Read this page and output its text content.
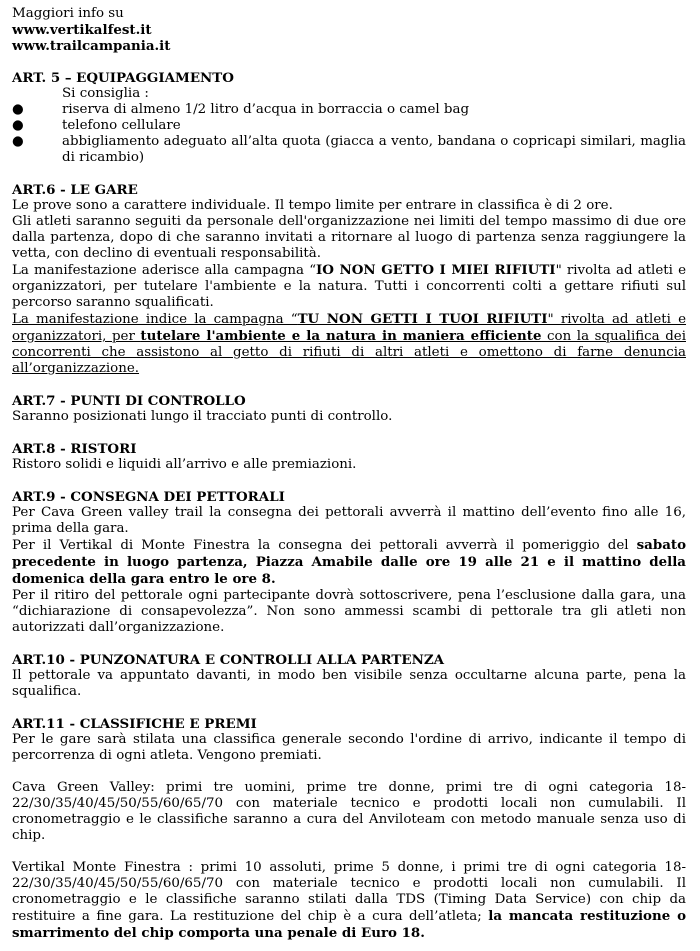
Maggiori info su

www.vertikalfest.it

www.trailcampania.it

ART. 5 – EQUIPAGGIAMENTO

Si consiglia :

●	riserva di almeno 1/2 litro d’acqua in borraccia o camel bag
●	telefono cellulare
●	abbigliamento adeguato all’alta quota (giacca a vento, bandana o copricapi similari, maglia di ricambio)
ART.6 - LE GARE

Le prove sono a carattere individuale. Il tempo limite per entrare in classifica è di 2 ore.

Gli atleti saranno seguiti da personale dell'organizzazione nei limiti del tempo massimo di due ore dalla partenza, dopo di che saranno invitati a ritornare al luogo di partenza senza raggiungere la vetta, con declino di eventuali responsabilità.

La manifestazione aderisce alla campagna “IO NON GETTO I MIEI RIFIUTI" rivolta ad atleti e organizzatori, per tutelare l'ambiente e la natura. Tutti i concorrenti colti a gettare rifiuti sul percorso saranno squalificati.

La manifestazione indice la campagna “TU NON GETTI I TUOI RIFIUTI" rivolta ad atleti e organizzatori, per tutelare l'ambiente e la natura in maniera efficiente con la squalifica dei concorrenti che assistono al getto di rifiuti di altri atleti e omettono di farne denuncia all’organizzazione.

ART.7 - PUNTI DI CONTROLLO

Saranno posizionati lungo il tracciato punti di controllo.

ART.8 - RISTORI

Ristoro solidi e liquidi all’arrivo e alle premiazioni.

ART.9 - CONSEGNA DEI PETTORALI

Per Cava Green valley trail la consegna dei pettorali avverrà il mattino dell’evento fino alle 16, prima della gara.

Per il Vertikal di Monte Finestra la consegna dei pettorali avverrà il pomeriggio del sabato precedente in luogo partenza, Piazza Amabile dalle ore 19 alle 21 e il mattino della domenica della gara entro le ore 8.

Per il ritiro del pettorale ogni partecipante dovrà sottoscrivere, pena l’esclusione dalla gara, una “dichiarazione di consapevolezza”. Non sono ammessi scambi di pettorale tra gli atleti non autorizzati dall’organizzazione.

ART.10 - PUNZONATURA E CONTROLLI ALLA PARTENZA

Il pettorale va appuntato davanti, in modo ben visibile senza occultarne alcuna parte, pena la squalifica.

ART.11 - CLASSIFICHE E PREMI

Per le gare sarà stilata una classifica generale secondo l'ordine di arrivo, indicante il tempo di percorrenza di ogni atleta. Vengono premiati.

Cava Green Valley: primi tre uomini, prime tre donne, primi tre di ogni categoria 18-22/30/35/40/45/50/55/60/65/70 con materiale tecnico e prodotti locali non cumulabili. Il cronometraggio e le classifiche saranno a cura del Anviloteam con metodo manuale senza uso di chip.

Vertikal Monte Finestra : primi 10 assoluti, prime 5 donne, i primi tre di ogni categoria 18-22/30/35/40/45/50/55/60/65/70 con materiale tecnico e prodotti locali non cumulabili. Il cronometraggio e le classifiche saranno stilati dalla TDS (Timing Data Service) con chip da restituire a fine gara. La restituzione del chip è a cura dell’atleta; la mancata restituzione o smarrimento del chip comporta una penale di Euro 18.
